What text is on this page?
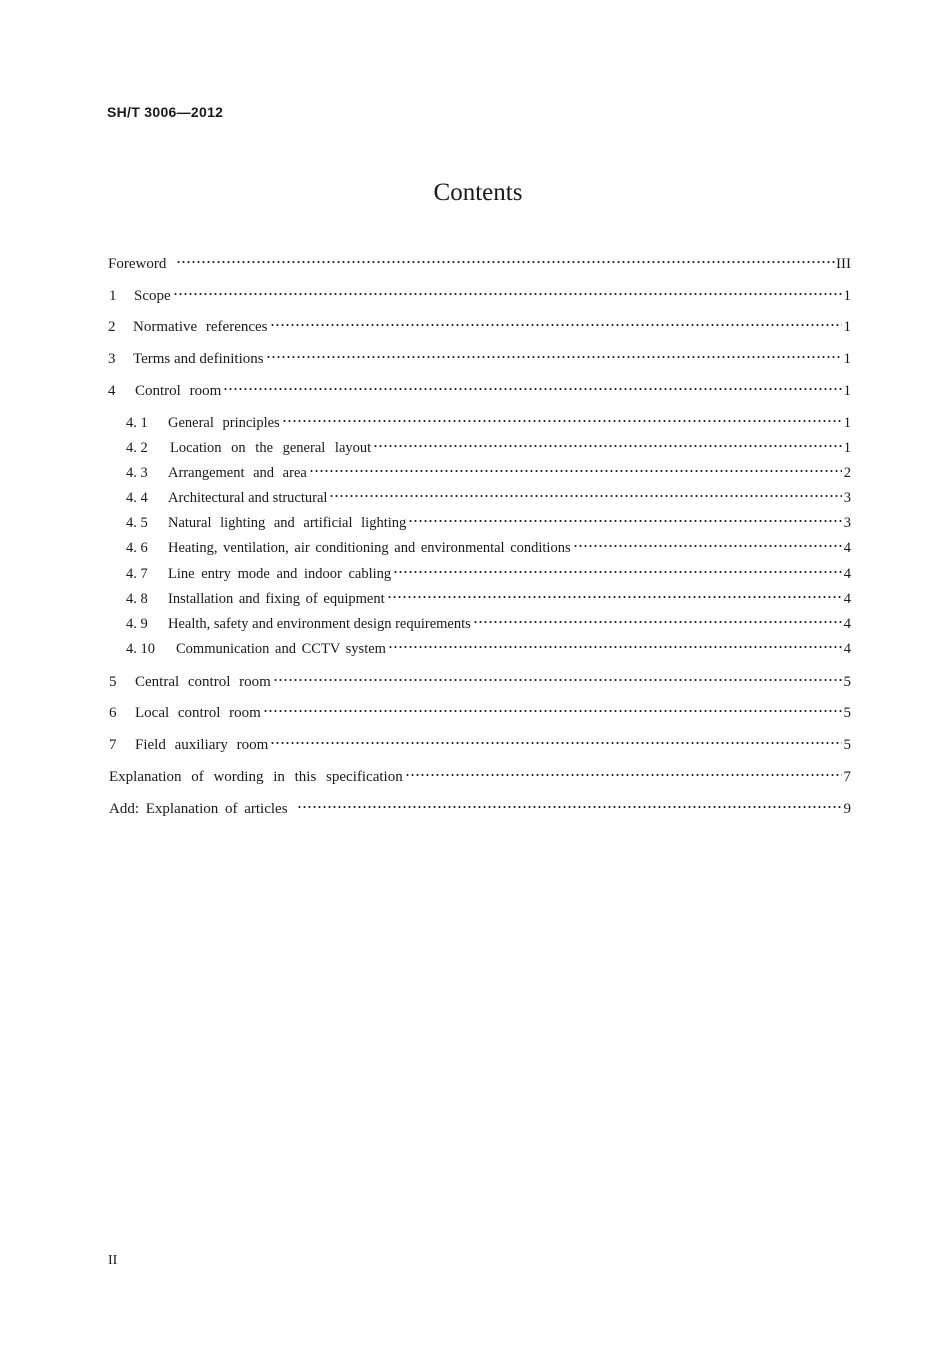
SH/T 3006—2012
Contents
Foreword	III
1	Scope	1
2	Normative references	1
3	Terms and definitions	1
4	Control room	1
4. 1	General principles	1
4. 2	Location on the general layout	1
4. 3	Arrangement and area	2
4. 4	Architectural and structural	3
4. 5	Natural lighting and artificial lighting	3
4. 6	Heating, ventilation, air conditioning and environmental conditions	4
4. 7	Line entry mode and indoor cabling	4
4. 8	Installation and fixing of equipment	4
4. 9	Health, safety and environment design requirements	4
4. 10	Communication and CCTV system	4
5	Central control room	5
6	Local control room	5
7	Field auxiliary room	5
Explanation of wording in this specification	7
Add: Explanation of articles	9
II
